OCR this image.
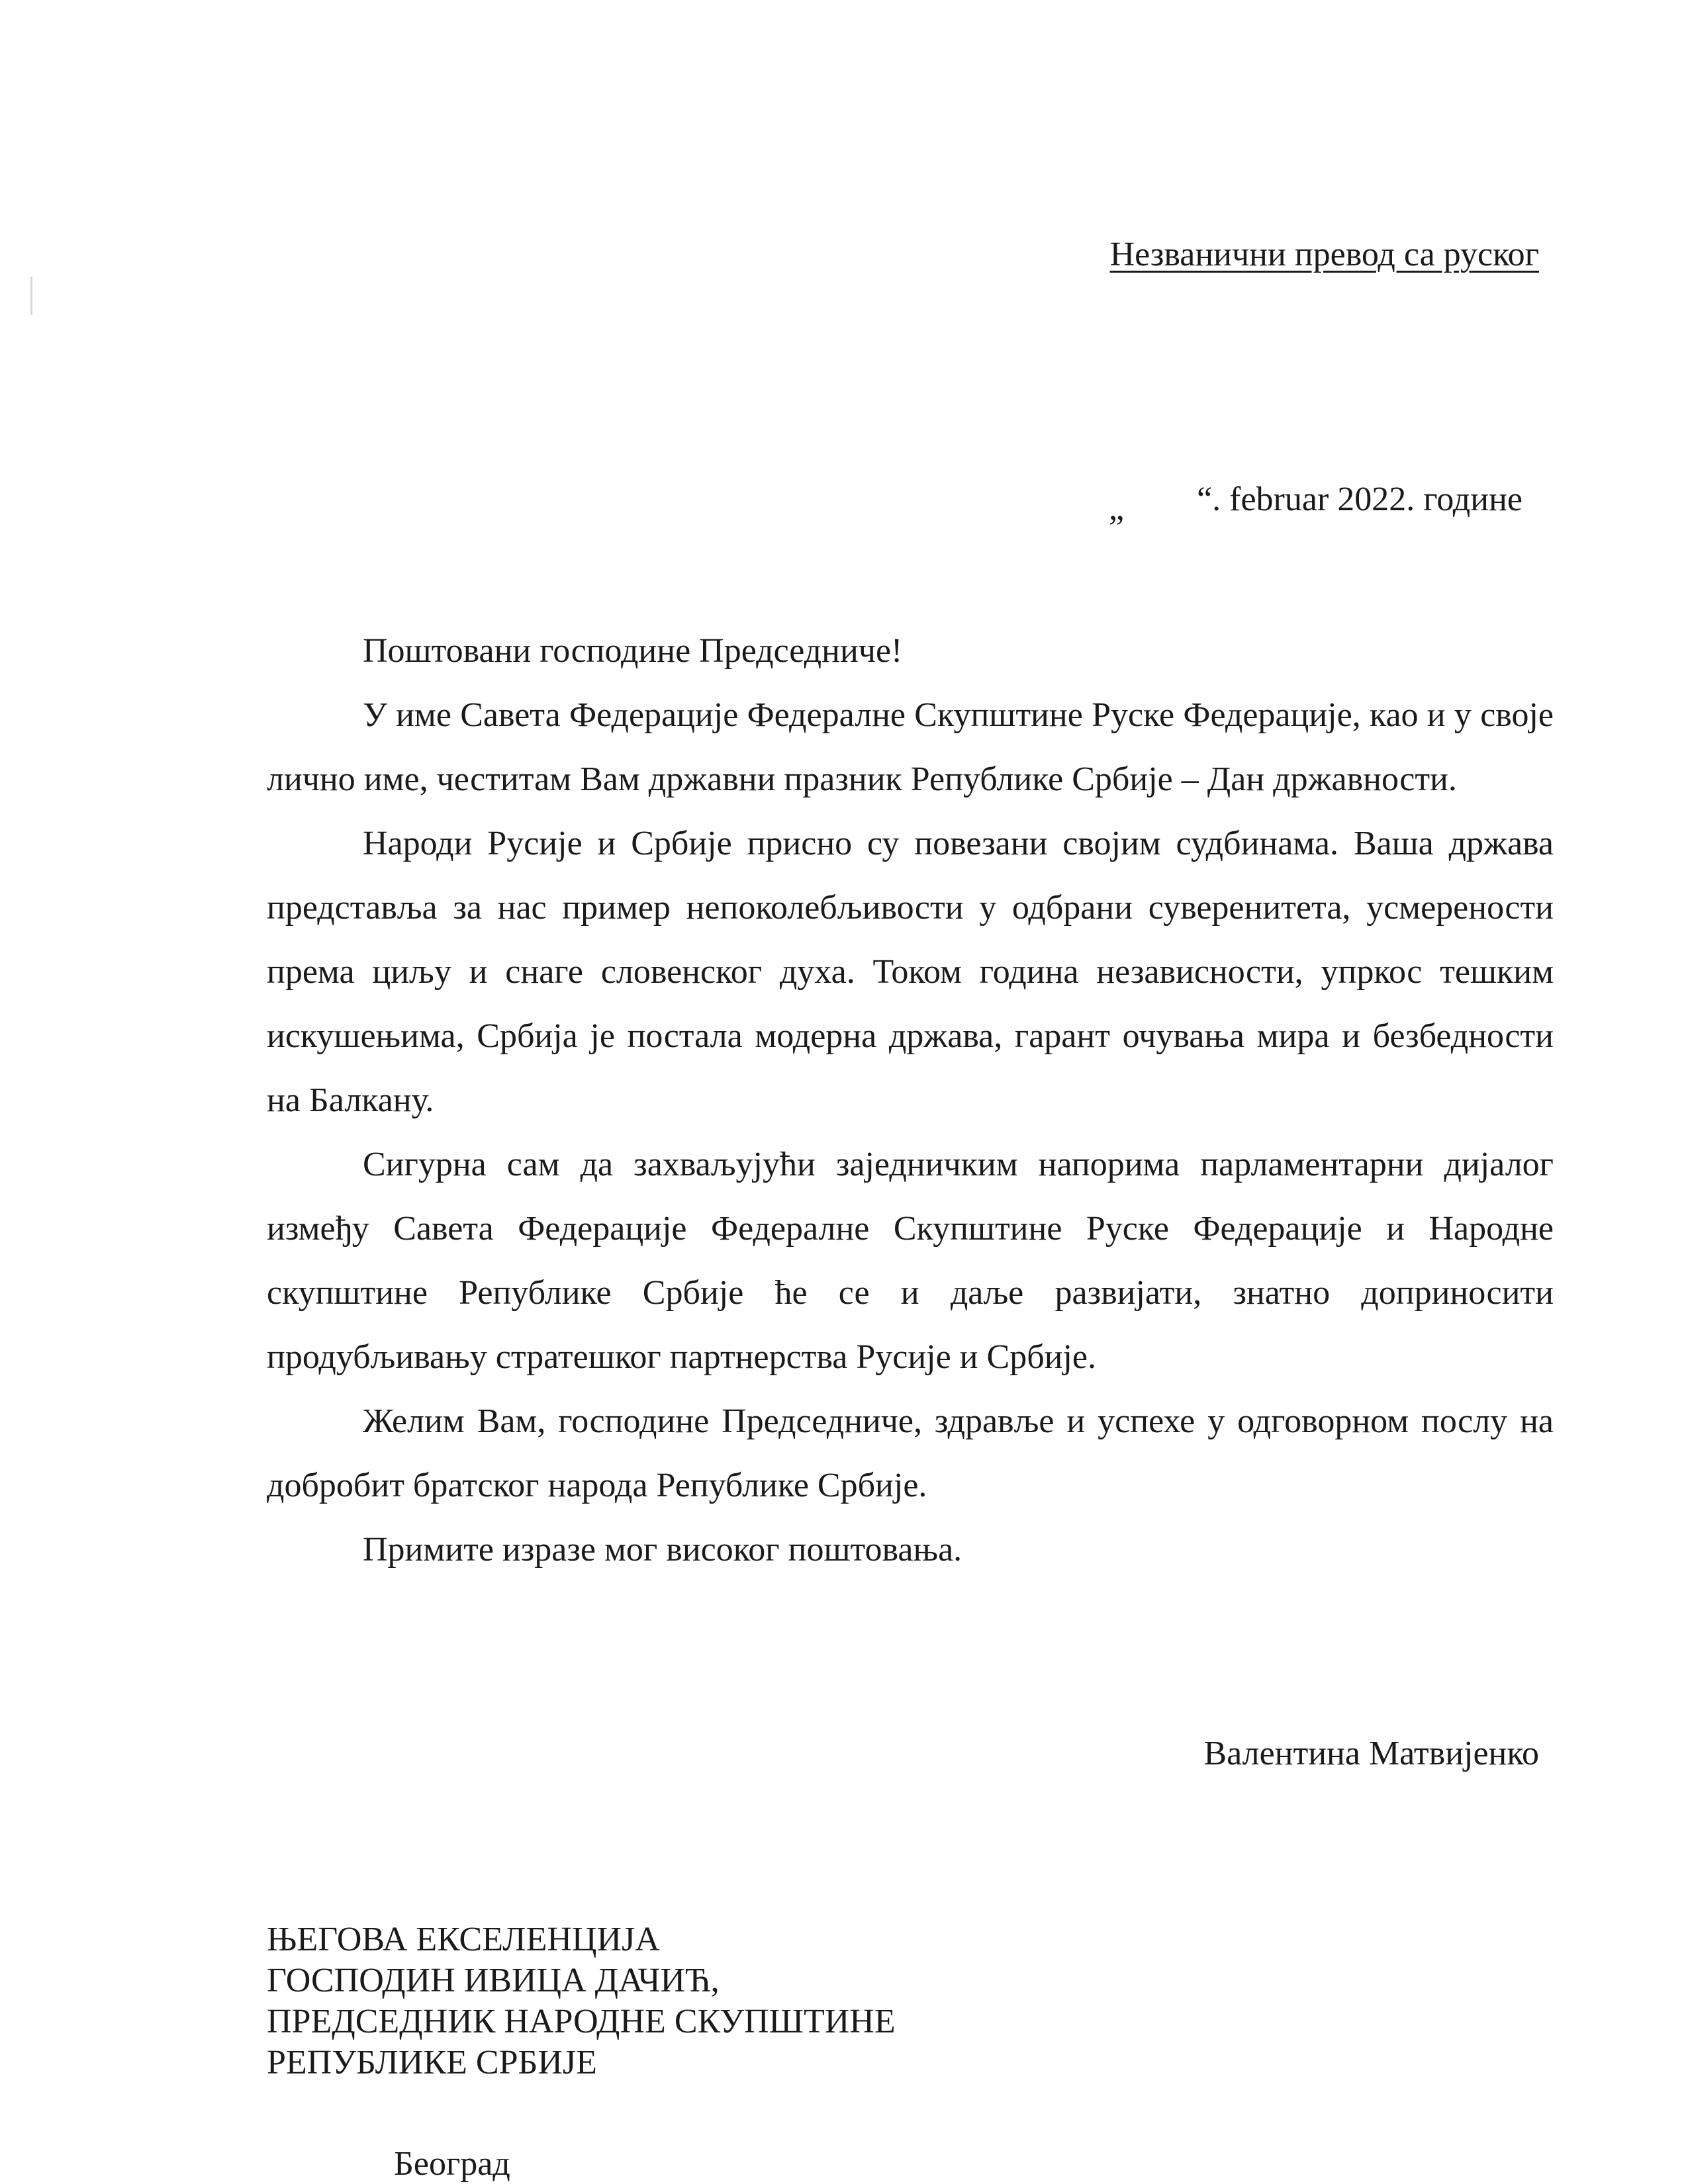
Незванични превод са руског
„ “. februar 2022. године

Поштовани господине Председниче!

У име Савета Федерације Федералне Скупштине Руске Федерације, као и у своје лично име, честитам Вам државни празник Републике Србије – Дан државности.

Народи Русије и Србије присно су повезани својим судбинама. Ваша држава представља за нас пример непоколебљивости у одбрани суверенитета, усмерености према циљу и снаге словенског духа. Током година независности, упркос тешким искушењима, Србија је постала модерна држава, гарант очувања мира и безбедности на Балкану.

Сигурна сам да захваљујући заједничким напорима парламентарни дијалог између Савета Федерације Федералне Скупштине Руске Федерације и Народне скупштине Републике Србије ће се и даље развијати, знатно доприносити продубљивању стратешког партнерства Русије и Србије.

Желим Вам, господине Председниче, здравље и успехе у одговорном послу на добробит братског народа Републике Србије.

Примите изразе мог високог поштовања.

Валентина Матвијенко
ЊЕГОВА ЕКСЕЛЕНЦИЈА
ГОСПОДИН ИВИЦА ДАЧИЋ,
ПРЕДСЕДНИК НАРОДНЕ СКУПШТИНЕ
РЕПУБЛИКЕ СРБИЈЕ
Београд
